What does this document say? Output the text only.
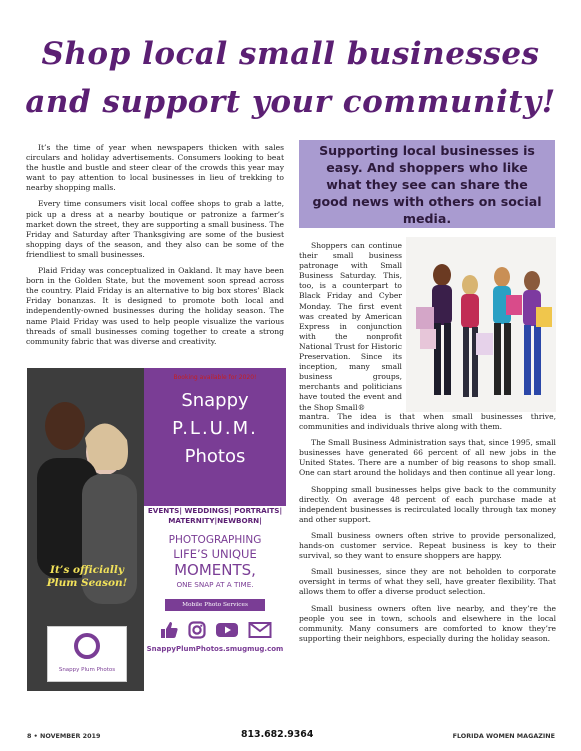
Shop local small businesses
and support your community!

It’s the time of year when newspapers thicken with sales circulars and holiday advertisements. Consumers looking to beat the hustle and bustle and steer clear of the crowds this year may want to pay attention to local businesses in lieu of trekking to nearby shopping malls.

Every time consumers visit local coffee shops to grab a latte, pick up a dress at a nearby boutique or patronize a farmer’s market down the street, they are supporting a small business. The Friday and Saturday after Thanksgiving are some of the busiest shopping days of the season, and they also can be some of the friendliest to small businesses.

Plaid Friday was conceptualized in Oakland. It may have been born in the Golden State, but the movement soon spread across the country. Plaid Friday is an alternative to big box stores’ Black Friday bonanzas. It is designed to promote both local and independently-owned businesses during the holiday season. The name Plaid Friday was used to help people visualize the various threads of small businesses coming together to create a strong community fabric that was diverse and creativity.

Supporting local businesses is easy. And shoppers who like what they see can share the good news with others on social media.

Shoppers can continue their small business patronage with Small Business Saturday. This, too, is a counterpart to Black Friday and Cyber Monday. The first event was created by American Express in conjunction with the nonprofit National Trust for Historic Preservation. Since its inception, many small business groups, merchants and politicians have touted the event and the Shop Small®

mantra. The idea is that when small businesses thrive, communities and individuals thrive along with them.

The Small Business Administration says that, since 1995, small businesses have generated 66 percent of all new jobs in the United States. There are a number of big reasons to shop small. One can start around the holidays and then continue all year long.

Shopping small businesses helps give back to the community directly. On average 48 percent of each purchase made at independent businesses is recirculated locally through tax money and other support.

Small business owners often strive to provide personalized, hands-on customer service. Repeat business is key to their survival, so they want to ensure shoppers are happy.

Small businesses, since they are not beholden to corporate oversight in terms of what they sell, have greater flexibility. That allows them to offer a diverse product selection.

Small business owners often live nearby, and they’re the people you see in town, schools and elsewhere in the local community. Many consumers are comforted to know they’re supporting their neighbors, especially during the holiday season.

It’s officially
Plum Season!
Snappy Plum Photos
Booking available for 2020!
Snappy
P.L.U.M.
Photos
EVENTS| WEDDINGS| PORTRAITS|
MATERNITY|NEWBORN|
PHOTOGRAPHING
LIFE’S UNIQUE
MOMENTS,
ONE SNAP AT A TIME.
Mobile Photo Services
SnappyPlumPhotos.smugmug.com
8 • NOVEMBER 2019	813.682.9364	FLORIDA WOMEN MAGAZINE
